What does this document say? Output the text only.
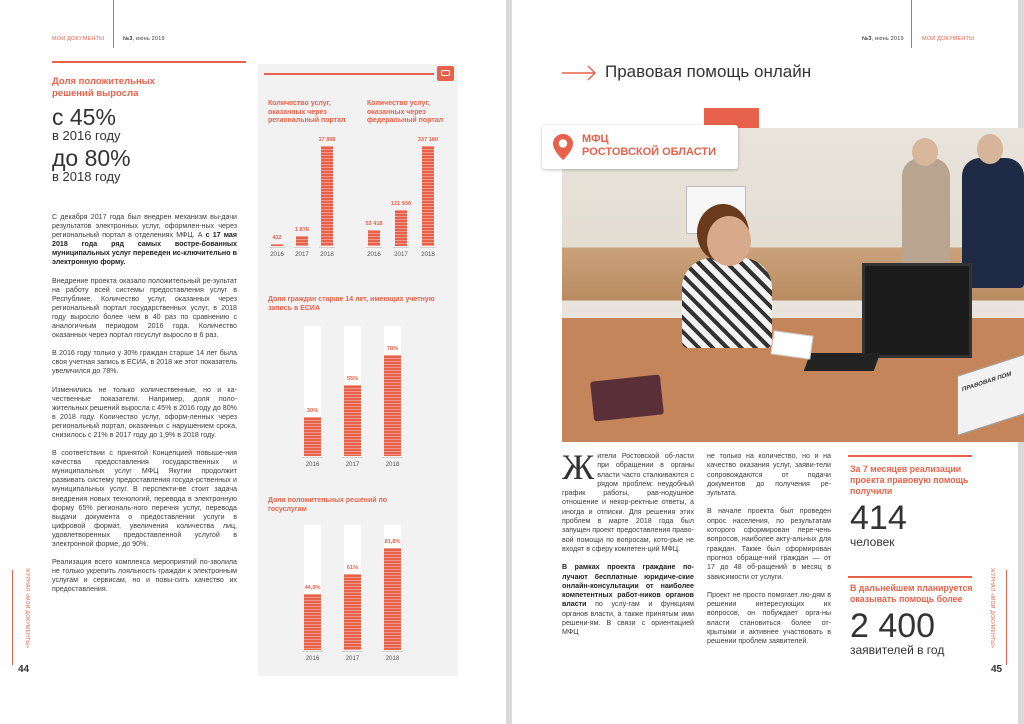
МОИ ДОКУМЕНТЫ	№3, июнь 2019
ЖУРНАЛ «МОИ ДОКУМЕНТЫ»
44
Доля положительных решений выросла
с 45%
в 2016 году
до 80%
в 2018 году

С декабря 2017 года был внедрен механизм вы-дачи результатов электронных услуг, оформлен-ных через региональный портал в отделениях МФЦ. А с 17 мая 2018 года ряд самых востре-бованных муниципальных услуг переведен ис-ключительно в электронную форму.

Внедрение проекта оказало положительный ре-зультат на работу всей системы предоставления услуг в Республике. Количество услуг, оказанных через региональный портал государственных услуг, в 2018 году выросло более чем в 40 раз по сравнению с аналогичным периодом 2016 года. Количество оказанных через портал госуслуг выросло в 6 раз.

В 2016 году только у 30% граждан старше 14 лет была своя учетная запись в ЕСИА, в 2018 же этот показатель увеличился до 78%.

Изменились не только количественные, но и ка-чественные показатели. Например, доля поло-жительных решений выросла с 45% в 2016 году до 80% в 2018 году. Количество услуг, оформ-ленных через региональный портал, оказанных с нарушением срока, снизилось с 21% в 2017 году до 1,9% в 2018 году.

В соответствии с принятой Концепцией повыше-ния качества предоставления государственных и муниципальных услуг МФЦ Якутии продолжит развивать систему предоставления госуда-рственных и муниципальных услуг. В перспекти-ве стоит задача внедрения новых технологий, перевода в электронную форму 65% региональ-ного перечня услуг, перевода выдачи документа о предоставлении услуги в цифровой формат, увеличения количества лиц, удовлетворенных предоставленной услугой в электронной форме, до 90%.

Реализация всего комплекса мероприятий по-зволила не только укрепить лояльность граждан к электронным услугам и сервисам, но и повы-сить качество их предоставления.

Количество услуг, оказанных через региональный портал
Количество услуг, оказанных через федеральный портал
Доля граждан старше 14 лет, имеющих учетную запись в ЕСИА
Доля положительных решений по госуслугам
412
2016
1 878
2017
17 898
2018
53 418
2016
121 930
2017
337 180
2018
30%
2016
55%
2017
78%
2018
44,9%
2016
61%
2017
81,8%
2018
№3, июнь 2019	МОИ ДОКУМЕНТЫ
ЖУРНАЛ «МОИ ДОКУМЕНТЫ»
45
Правовая помощь онлайн

Жители Ростовской об-ласти при обращении в органы власти часто сталкиваются с рядом проблем: неудобный график работы, рав-нодушное отношение и некор-ректные ответы, а иногда и отписки. Для решения этих проблем в марте 2018 года был запущен проект предоставления право-вой помощи по вопросам, кото-рые не входят в сферу компетен-ций МФЦ.

В рамках проекта граждане по-лучают бесплатные юридиче-ские онлайн-консультации от наиболее компетентных работ-ников органов власти по услу-гам и функциям органов власти, а также принятым ими решени-ям. В связи с ориентацией МФЦ

не только на количество, но и на качество оказания услуг, заяви-тели сопровождаются от подачи документов до получения ре-зультата.

В начале проекта был проведен опрос населения, по результатам которого сформирован пере-чень вопросов, наиболее акту-альных для граждан. Также был сформирован прогноз обраще-ний граждан — от 17 до 48 об-ращений в месяц в зависимости от услуги.

Проект не просто помогает лю-дям в решении интересующих их вопросов, он побуждает орга-ны власти становиться более от-крытыми и активнее участвовать в решении проблем заявителей.

За 7 месяцев реализации проекта правовую помощь получили
414
человек
В дальнейшем планируется оказывать помощь более
2 400
заявителей в год
ПРАВОВАЯ ПОМ
МФЦ
РОСТОВСКОЙ ОБЛАСТИ
